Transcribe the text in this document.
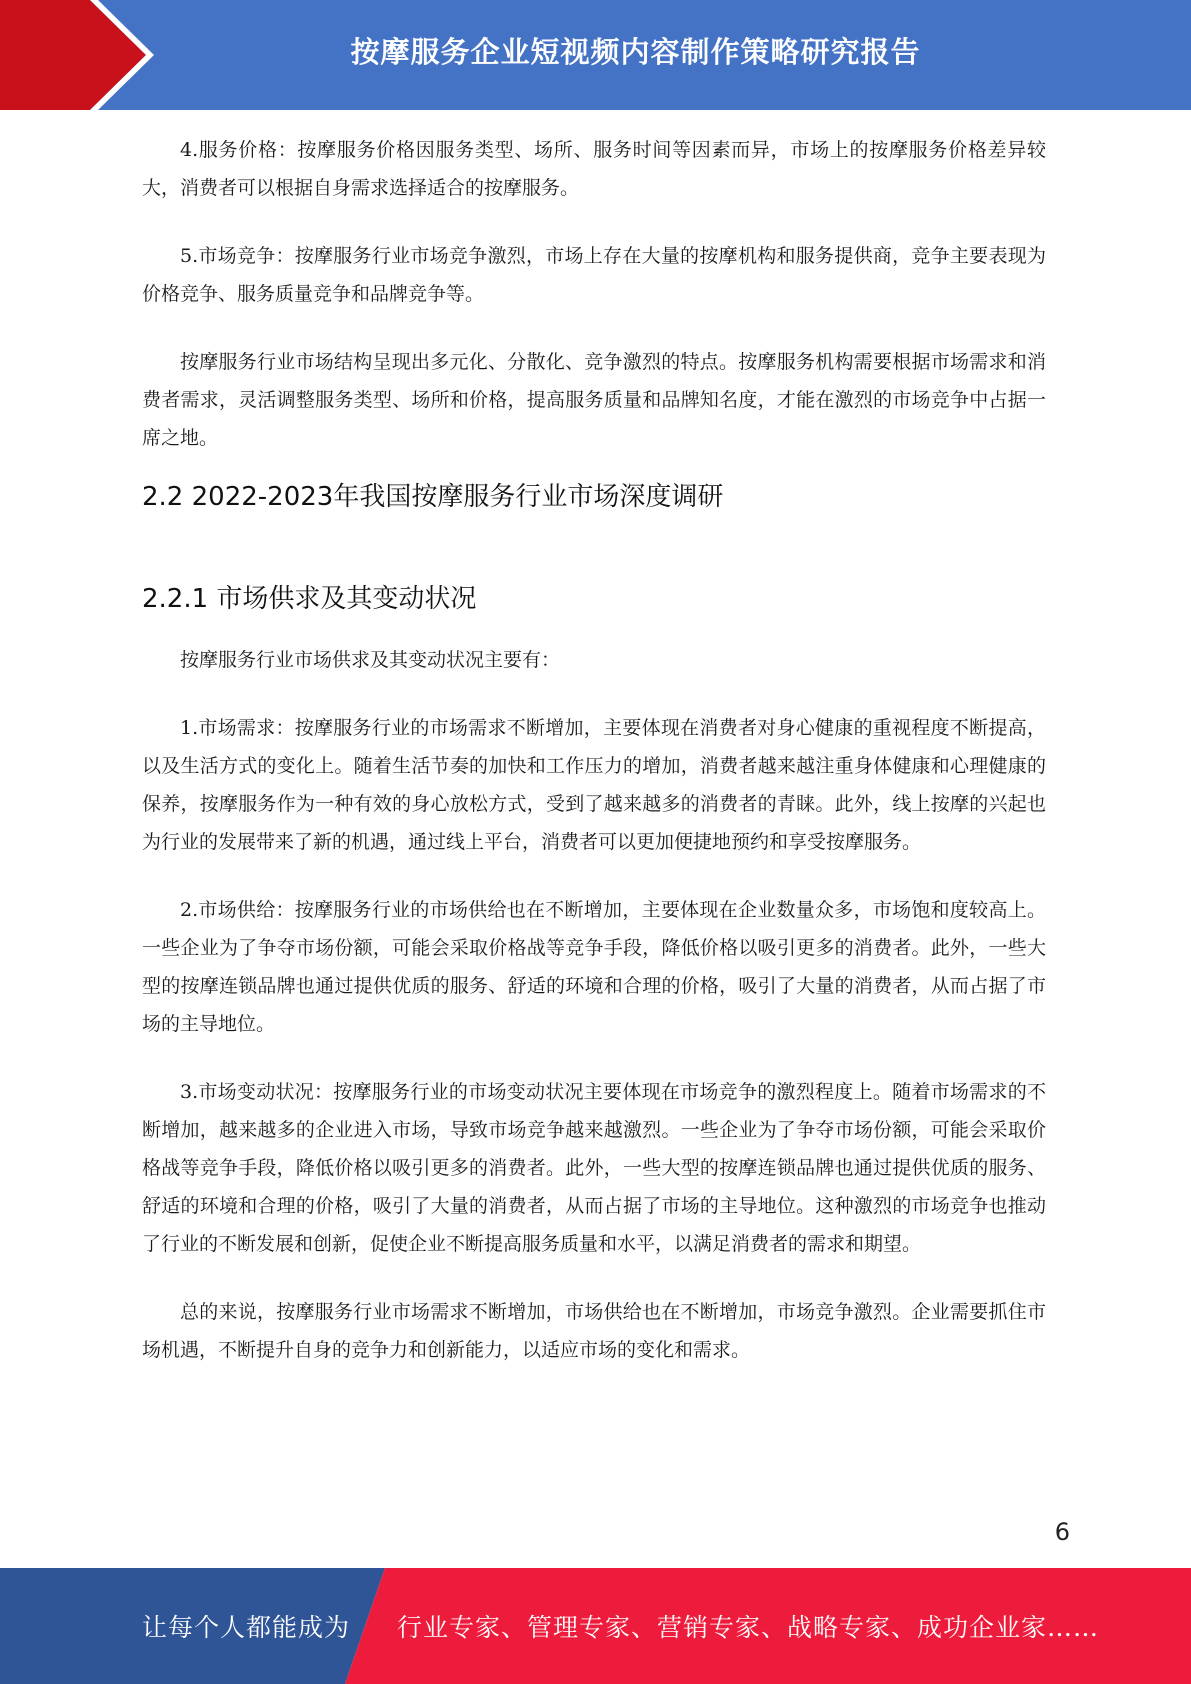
按摩服务企业短视频内容制作策略研究报告

4.服务价格：按摩服务价格因服务类型、场所、服务时间等因素而异，市场上的按摩服务价格差异较大，消费者可以根据自身需求选择适合的按摩服务。

5.市场竞争：按摩服务行业市场竞争激烈，市场上存在大量的按摩机构和服务提供商，竞争主要表现为价格竞争、服务质量竞争和品牌竞争等。

按摩服务行业市场结构呈现出多元化、分散化、竞争激烈的特点。按摩服务机构需要根据市场需求和消费者需求，灵活调整服务类型、场所和价格，提高服务质量和品牌知名度，才能在激烈的市场竞争中占据一席之地。

2.2 2022-2023年我国按摩服务行业市场深度调研
2.2.1 市场供求及其变动状况

按摩服务行业市场供求及其变动状况主要有：

1.市场需求：按摩服务行业的市场需求不断增加，主要体现在消费者对身心健康的重视程度不断提高，以及生活方式的变化上。随着生活节奏的加快和工作压力的增加，消费者越来越注重身体健康和心理健康的保养，按摩服务作为一种有效的身心放松方式，受到了越来越多的消费者的青睐。此外，线上按摩的兴起也为行业的发展带来了新的机遇，通过线上平台，消费者可以更加便捷地预约和享受按摩服务。

2.市场供给：按摩服务行业的市场供给也在不断增加，主要体现在企业数量众多，市场饱和度较高上。一些企业为了争夺市场份额，可能会采取价格战等竞争手段，降低价格以吸引更多的消费者。此外，一些大型的按摩连锁品牌也通过提供优质的服务、舒适的环境和合理的价格，吸引了大量的消费者，从而占据了市场的主导地位。

3.市场变动状况：按摩服务行业的市场变动状况主要体现在市场竞争的激烈程度上。随着市场需求的不断增加，越来越多的企业进入市场，导致市场竞争越来越激烈。一些企业为了争夺市场份额，可能会采取价格战等竞争手段，降低价格以吸引更多的消费者。此外，一些大型的按摩连锁品牌也通过提供优质的服务、舒适的环境和合理的价格，吸引了大量的消费者，从而占据了市场的主导地位。这种激烈的市场竞争也推动了行业的不断发展和创新，促使企业不断提高服务质量和水平，以满足消费者的需求和期望。

总的来说，按摩服务行业市场需求不断增加，市场供给也在不断增加，市场竞争激烈。企业需要抓住市场机遇，不断提升自身的竞争力和创新能力，以适应市场的变化和需求。

6
让每个人都能成为 行业专家、管理专家、营销专家、战略专家、成功企业家……
